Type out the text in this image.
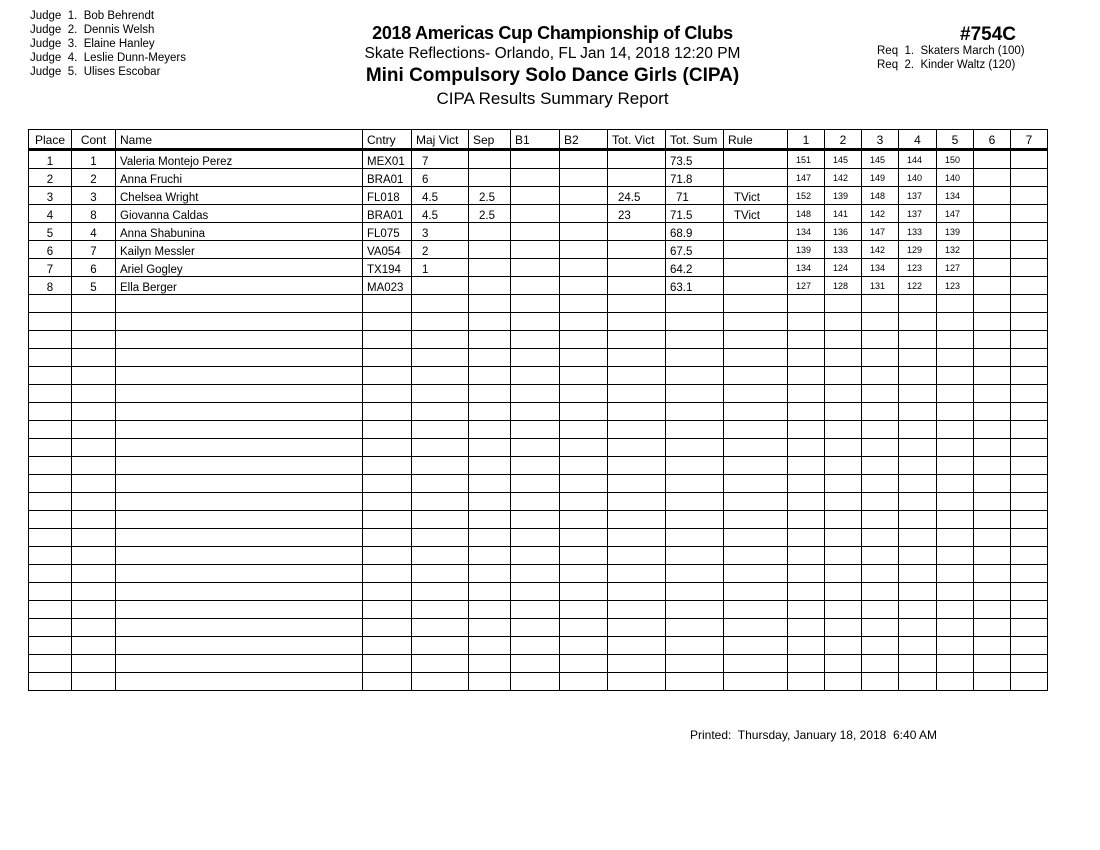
Judge  1.  Bob Behrendt
Judge  2.  Dennis Welsh
Judge  3.  Elaine Hanley
Judge  4.  Leslie Dunn-Meyers
Judge  5.  Ulises Escobar
2018 Americas Cup Championship of Clubs
Skate Reflections- Orlando, FL Jan 14, 2018 12:20 PM
Mini Compulsory Solo Dance Girls (CIPA)
CIPA Results Summary Report
#754C
Req  1.  Skaters March (100)
Req  2.  Kinder Waltz (120)
Place	Cont	Name	Cntry	Maj Vict	Sep	B1	B2	Tot. Vict	Tot. Sum	Rule	1	2	3	4	5	6	7
1	1	Valeria Montejo Perez	MEX01	7					73.5		151	145	145	144	150		
2	2	Anna Fruchi	BRA01	6					71.8		147	142	149	140	140		
3	3	Chelsea Wright	FL018	4.5	2.5			24.5	71	TVict	152	139	148	137	134		
4	8	Giovanna Caldas	BRA01	4.5	2.5			23	71.5	TVict	148	141	142	137	147		
5	4	Anna Shabunina	FL075	3					68.9		134	136	147	133	139		
6	7	Kailyn Messler	VA054	2					67.5		139	133	142	129	132		
7	6	Ariel Gogley	TX194	1					64.2		134	124	134	123	127		
8	5	Ella Berger	MA023						63.1		127	128	131	122	123		

Printed:  Thursday, January 18, 2018  6:40 AM
